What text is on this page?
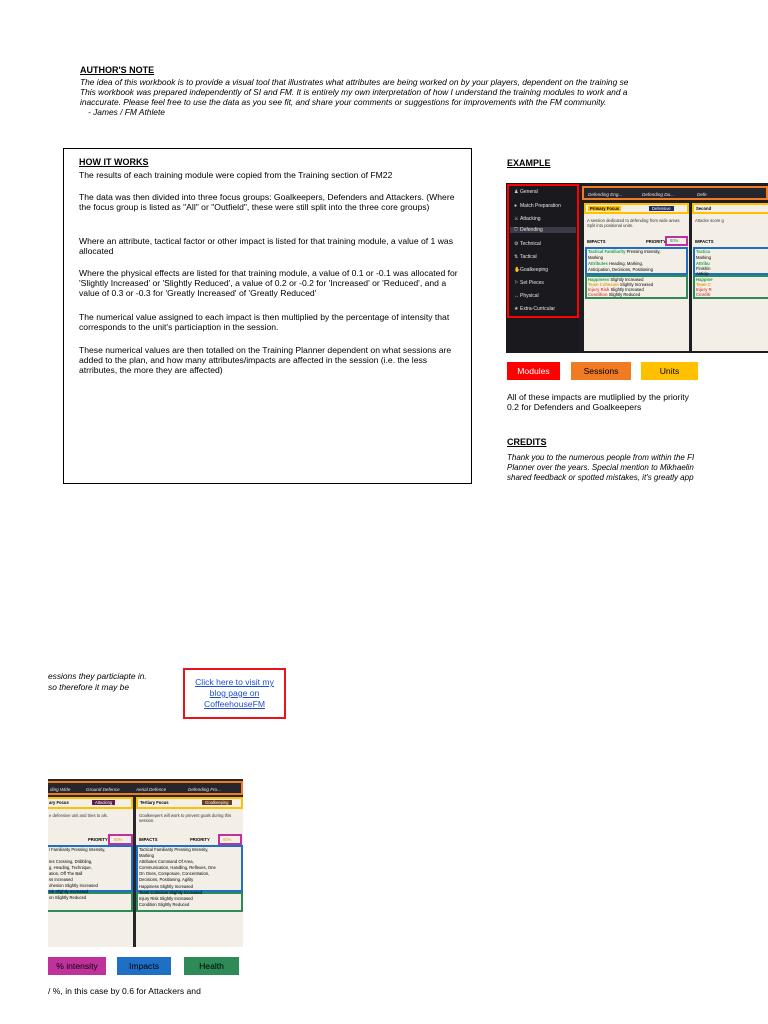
AUTHOR'S NOTE
The idea of this workbook is to provide a visual tool that illustrates what attributes are being worked on by your players, dependent on the training se
This workbook was prepared independently of SI and FM. It is entirely my own interpretation of how I understand the training modules to work and a
inaccurate. Please feel free to use the data as you see fit, and share your comments or suggestions for improvements with the FM community.
- James / FM Athlete
HOW IT WORKS
The results of each training module were copied from the Training section of FM22
The data was then divided into three focus groups: Goalkeepers, Defenders and Attackers. (Where the focus group is listed as "All" or "Outfield", these were still split into the three core groups)
Where an attribute, tactical factor or other impact is listed for that training module, a value of 1 was allocated
Where the physical effects are listed for that training module, a value of 0.1 or -0.1 was allocated for 'Slightly Increased' or 'Slightly Reduced', a value of 0.2 or -0.2 for 'Increased' or 'Reduced', and a value of 0.3 or -0.3 for 'Greatly Increased' of 'Greatly Reduced'
The numerical value assigned to each impact is then multiplied by the percentage of intensity that corresponds to the unit's particiaption in the session.
These numerical values are then totalled on the Training Planner dependent on what sessions are added to the plan, and how many attributes/impacts are affected in the session (i.e. the less atrributes, the more they are affected)
EXAMPLE
♟ General
● Match Preparation
⚔ Attacking
⛉ Defending
⚙ Technical
⇅ Tactical
✋Goalkeeping
⚐ Set Pieces
↔Physical
★ Extra-Curricular
Defending Eng...	Defending Da...	Defe
Primary Focus	Defensive
A session dedicated to defending from wide areas. Split into positional units.
IMPACTS	PRIORITY 80%
Tactical Familiarity Pressing Intensity,
Marking
Attributes Heading, Marking,
Anticipation, Decisions, Positioning
Happiness Slightly Increased
Team Cohesion Slightly Increased
Injury Risk Slightly Increased
Condition Slightly Reduced
Second
Attacke score g
IMPACTS
Tactica
Marking
Attribu
Finishin
Anticip
Happine
Team C
Injury R
Conditi
Modules	Sessions	Units
All of these impacts are mutliplied by the priority
0.2 for Defenders and Goalkeepers
CREDITS
Thank you to the numerous people from within the FI
Planner over the years. Special mention to Mikhaelin
shared feedback or spotted mistakes, it's greatly app
essions they particiapte in.
so therefore it may be	Click here to visit my
blog page on
CoffeehouseFM
ding Wide	Ground Defence	Aerial Defence	Defending Fro...
ary Focus	Attacking
e defensive unit and tries to als.
PRIORITY 60%
l Familiarity Pressing Intensity,
tes Crossing, Dribbling,
g, Heading, Technique,
ation, Off The Ball
ss Increased
ohesion Slightly Increased
isk Slightly Increased
on Slightly Reduced
Tertiary Focus	Goalkeeping
Goalkeepers will work to prevent goals during this session.
IMPACTS	PRIORITY	60%
Tactical Familiarity Pressing Intensity,
Marking
Attributes Command Of Area,
Communication, Handling, Reflexes, One
On Ones, Composure, Concentration,
Decisions, Positioning, Agility
Happiness Slightly Increased
Team Cohesion Slightly Increased
Injury Risk Slightly Increased
Condition Slightly Reduced
% intensity	Impacts	Health
/ %, in this case by 0.6 for Attackers and
